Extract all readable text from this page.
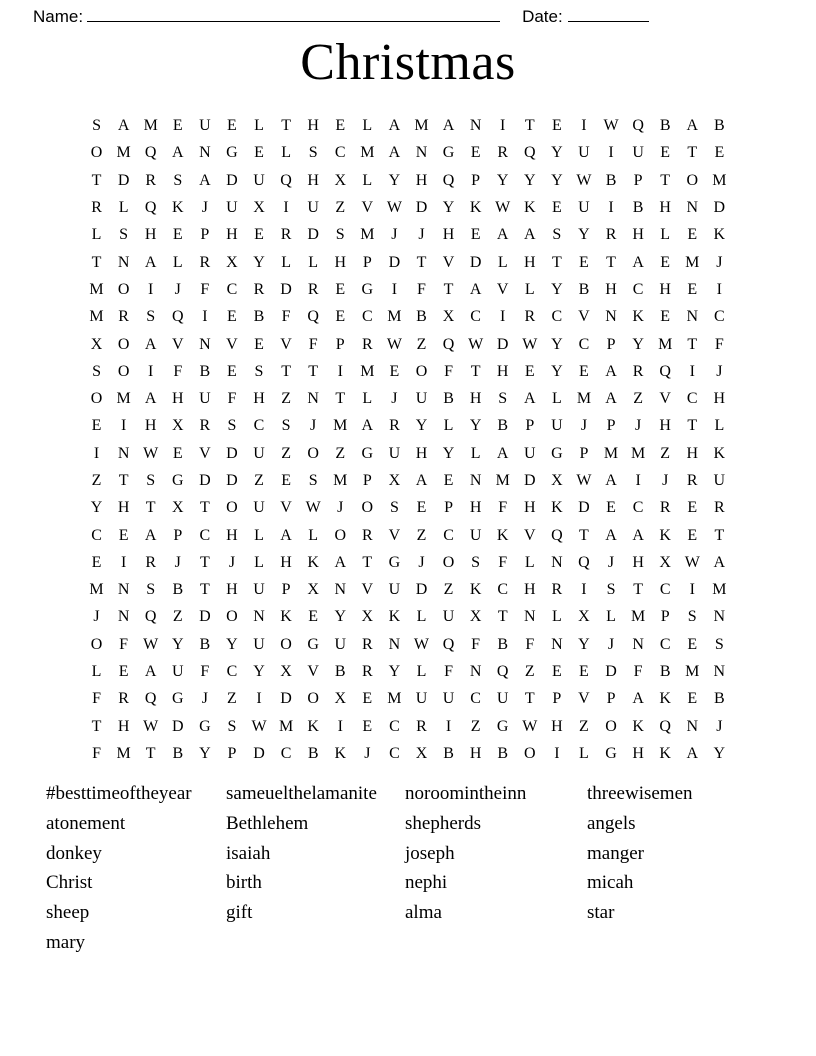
Name:	Date:
Christmas
S	A M E	U	E	L	T	H	E	L	A M A N	I	T	E	I	W Q B A B
O M Q A N G	E	L	S	C M A N G	E	R Q Y U	I	U	E	T	E
T	D R	S	A D U Q H X	L	Y H Q	P	Y Y Y W B	P	T	O M
R	L	Q K	J	U X	I	U	Z	V W D Y K W K	E	U	I	B H N D
L	S	H	E	P	H	E	R D	S M	J	J	H	E	A A	S	Y R H	L	E	K
T	N A	L	R X Y	L	L	H	P	D	T	V D	L	H	T	E	T	A	E M	J
M O	I	J	F	C	R D R	E	G	I	F	T	A V	L	Y B H C H	E	I
M R	S	Q	I	E	B	F	Q	E	C M B X C	I	R	C V N K	E	N C
X O A V N V	E	V	F	P	R W Z	Q W D W Y C	P	Y M T	F
S	O	I	F	B	E	S	T	T	I	M E	O	F	T	H	E	Y	E	A R Q	I	J
O M A H U	F	H	Z	N	T	L	J	U B H	S	A	L M A	Z	V C H
E	I	H X R	S	C	S	J	M A R Y	L	Y B	P	U	J	P	J	H	T	L
I	N W E	V D U	Z	O	Z	G U H Y	L	A U G	P M M Z	H K
Z	T	S	G D D	Z	E	S M P	X A	E	N M D X W A	I	J	R U
Y H	T	X	T	O U V W	J	O	S	E	P	H	F	H K D	E	C	R	E	R
C	E	A	P	C H	L	A	L	O R V	Z	C U K V Q	T	A A K	E	T
E	I	R	J	T	J	L	H K A	T	G	J	O	S	F	L	N Q	J	H X W A
M N	S	B	T	H U	P	X N V U D	Z	K C H R	I	S	T	C	I	M
J	N Q	Z	D O N K	E	Y X K	L	U X	T	N	L	X	L M P	S	N
O	F W Y B Y U O G U R N W Q	F	B	F	N Y	J	N C	E	S
L	E	A U	F	C Y X V B	R Y	L	F	N Q	Z	E	E	D	F	B M N
F	R Q G	J	Z	I	D O X	E M U U C U	T	P	V	P	A K	E	B
T	H W D G	S W M K	I	E	C	R	I	Z	G W H	Z	O K Q N	J
F M T	B Y	P	D C	B K	J	C X B H B O	I	L	G H K A Y
#besttimeoftheyear	sameuelthelamanite	noroomintheinn	threewisemen
atonement	Bethlehem	shepherds	angels
donkey	isaiah	joseph	manger
Christ	birth	nephi	micah
sheep	gift	alma	star
mary
